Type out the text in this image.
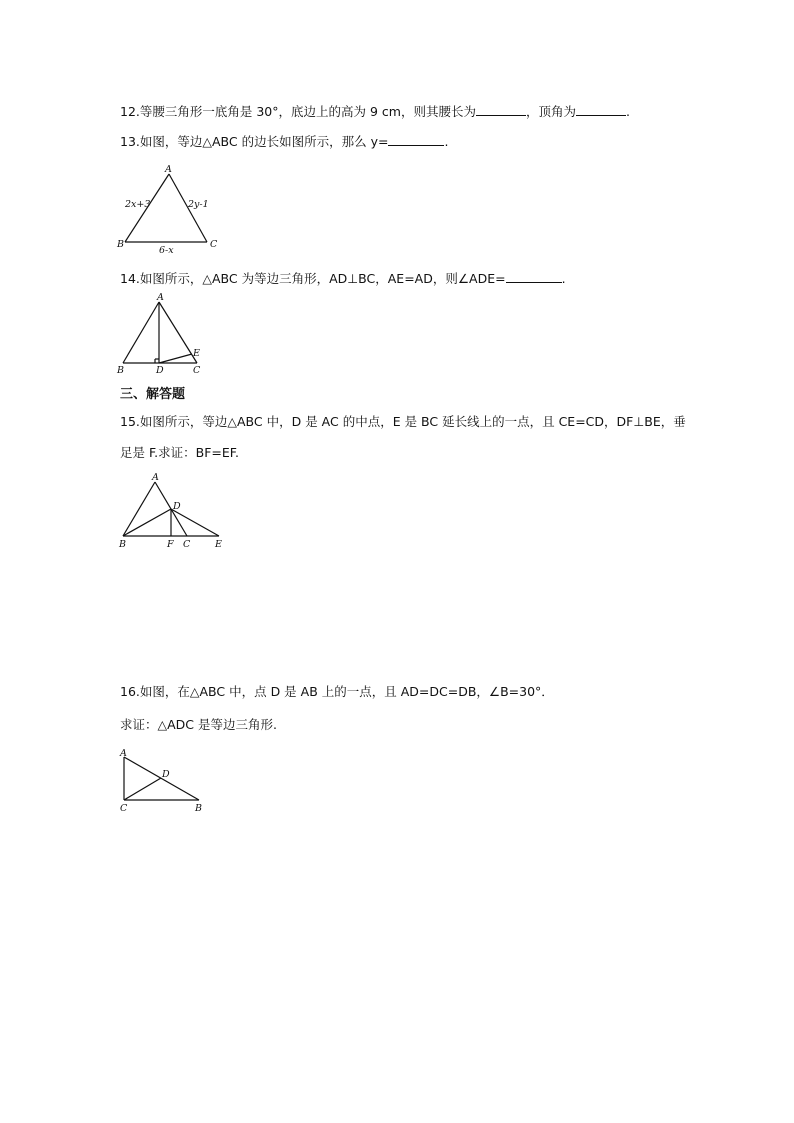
12.等腰三角形一底角是 30°，底边上的高为 9 cm，则其腰长为	，顶角为	.

13.如图，等边△ABC 的边长如图所示，那么 y=	.

A
B	C
2x+3	2y-1
6-x

14.如图所示，△ABC 为等边三角形，AD⊥BC，AE=AD，则∠ADE=	.

A
B	C
D
E

三、解答题

15.如图所示，等边△ABC 中，D 是 AC 的中点，E 是 BC 延长线上的一点，且 CE=CD，DF⊥BE，垂

足是 F.求证：BF=EF.

A
B	C
D
E
F

16.如图，在△ABC 中，点 D 是 AB 上的一点，且 AD=DC=DB，∠B=30°．

求证：△ADC 是等边三角形.

A
C	B
D
